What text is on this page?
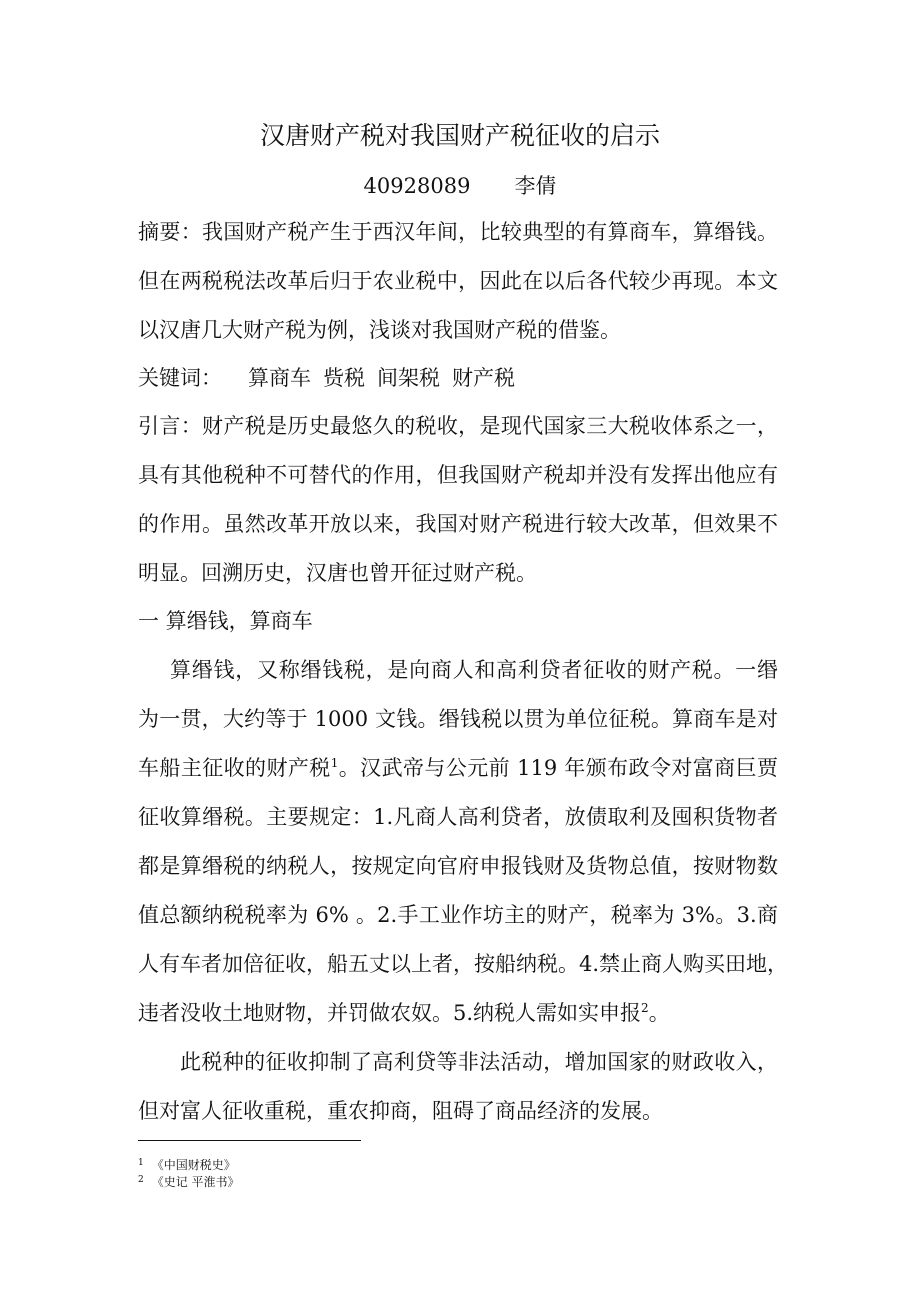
汉唐财产税对我国财产税征收的启示
40928089 李倩
摘要：我国财产税产生于西汉年间，比较典型的有算商车，算缗钱。
但在两税税法改革后归于农业税中，因此在以后各代较少再现。本文
以汉唐几大财产税为例，浅谈对我国财产税的借鉴。
关键词： 算商车 赀税 间架税 财产税
引言：财产税是历史最悠久的税收，是现代国家三大税收体系之一，
具有其他税种不可替代的作用，但我国财产税却并没有发挥出他应有
的作用。虽然改革开放以来，我国对财产税进行较大改革，但效果不
明显。回溯历史，汉唐也曾开征过财产税。
一 算缗钱，算商车
算缗钱，又称缗钱税，是向商人和高利贷者征收的财产税。一缗
为一贯，大约等于 1000 文钱。缗钱税以贯为单位征税。算商车是对
车船主征收的财产税$^1$。汉武帝与公元前 119 年颁布政令对富商巨贾
征收算缗税。主要规定：1.凡商人高利贷者，放债取利及囤积货物者
都是算缗税的纳税人，按规定向官府申报钱财及货物总值，按财物数
值总额纳税税率为 6% 。2.手工业作坊主的财产，税率为 3%。3.商
人有车者加倍征收，船五丈以上者，按船纳税。4.禁止商人购买田地，
违者没收土地财物，并罚做农奴。5.纳税人需如实申报$^2$。
此税种的征收抑制了高利贷等非法活动，增加国家的财政收入，
但对富人征收重税，重农抑商，阻碍了商品经济的发展。
$^1$ 《中国财税史》
$^2$ 《史记 平淮书》
